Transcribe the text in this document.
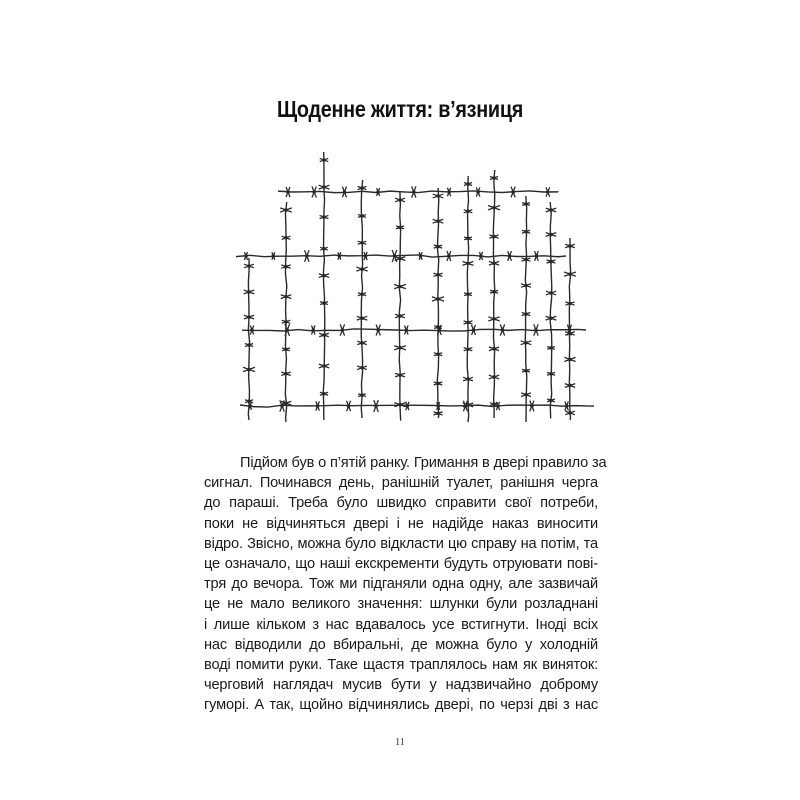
Щоденне життя: в’язниця
Підйом був о п’ятій ранку. Гримання в двері правило за
сигнал. Починався день, ранішній туалет, ранішня черга
до параші. Треба було швидко справити свої потреби,
поки не відчиняться двері і не надійде наказ виносити
відро. Звісно, можна було відкласти цю справу на потім, та
це означало, що наші екскременти будуть отруювати пові-
тря до вечора. Тож ми підганяли одна одну, але зазвичай
це не мало великого значення: шлунки були розладнані
і лише кільком з нас вдавалось усе встигнути. Іноді всіх
нас відводили до вбиральні, де можна було у холодній
воді помити руки. Таке щастя траплялось нам як виняток:
черговий наглядач мусив бути у надзвичайно доброму
гуморі. А так, щойно відчинялись двері, по черзі дві з нас
11
